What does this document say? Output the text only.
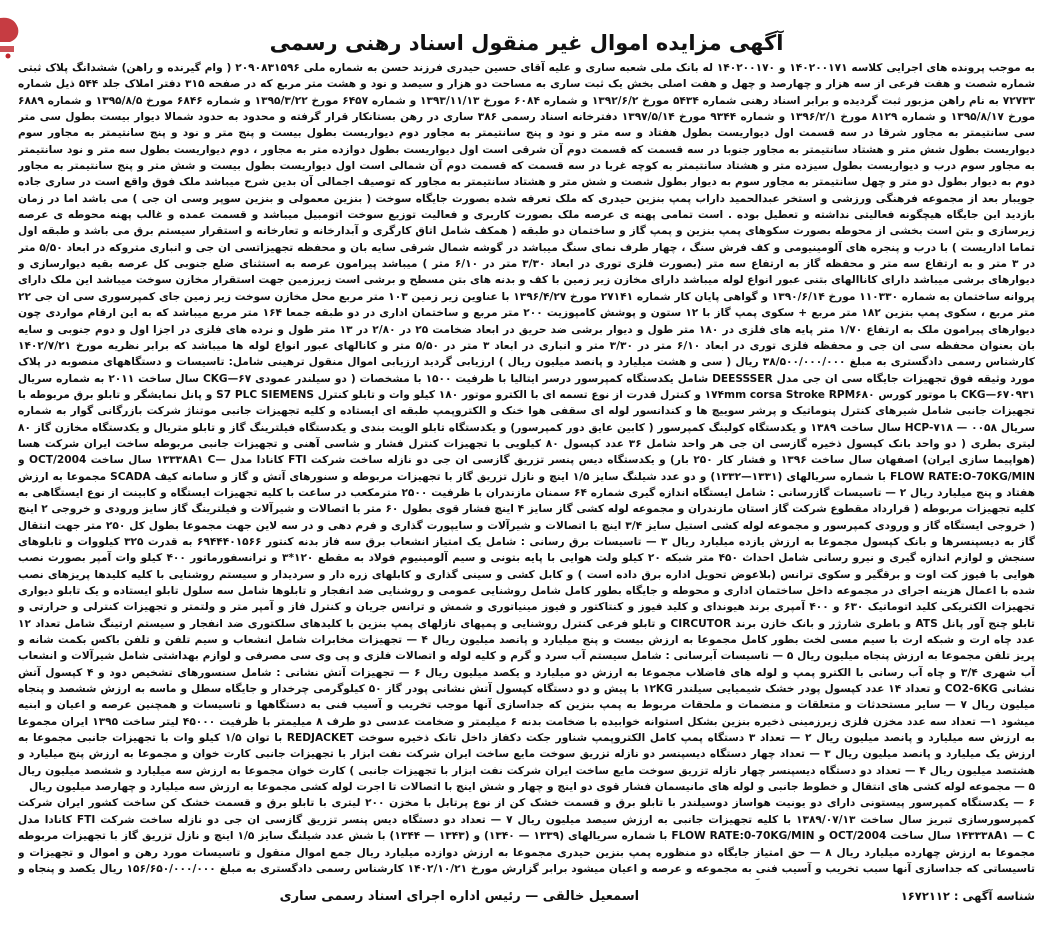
آگهی مزایده اموال غیر منقول اسناد رهنی رسمی

به موجب پرونده های اجرایی کلاسه ۱۴۰۲۰۰۱۷۱ و ۱۴۰۲۰۰۱۷۰ له بانک ملی شعبه ساری و علیه آقای حسین حیدری فرزند حسن به شماره ملی ۲۰۹۰۸۳۱۵۹۶ ( وام گیرنده و راهن) ششدانگ پلاک ثبتی شماره شصت و هفت فرعی از سه هزار و چهارصد و چهل و هفت اصلی بخش یک ثبت ساری به مساحت دو هزار و سیصد و نود و هشت متر مربع که در صفحه ۳۱۵ دفتر املاک جلد ۵۴۴ ذیل شماره ۷۲۷۳۳ به نام راهن مزبور ثبت گردیده و برابر اسناد رهنی شماره ۵۴۳۴ مورخ ۱۳۹۲/۶/۲ و شماره ۶۰۸۴ مورخ ۱۳۹۳/۱۱/۱۳ و شماره ۶۴۵۷ مورخ ۱۳۹۵/۳/۲۲ و شماره ۶۸۴۶ مورخ ۱۳۹۵/۸/۵ و شماره ۶۸۸۹ مورخ ۱۳۹۵/۸/۱۷ و شماره ۸۱۲۹ مورخ ۱۳۹۶/۲/۱ و شماره ۹۳۴۴ مورخ ۱۳۹۷/۵/۱۴ دفترخانه اسناد رسمی ۳۸۶ ساری در رهن بستانکار قرار گرفته و محدود به حدود شمالا دیوار بیست بطول سی متر سی سانتیمتر به مجاور شرقا در سه قسمت اول دیواریست بطول هفتاد و سه متر و نود و پنج سانتیمتر به مجاور دوم دیواریست بطول بیست و پنج متر و نود و پنج سانتیمتر به مجاور سوم دیواریست بطول شش متر و هشتاد سانتیمتر به مجاور جنوبا در سه قسمت که قسمت دوم آن شرقی است اول دیواریست بطول دوازده متر به مجاور ، دوم دیواریست بطول سه متر و نود سانتیمتر به مجاور سوم درب و دیواریست بطول سیزده متر و هشتاد سانتیمتر به کوچه غربا در سه قسمت که قسمت دوم آن شمالی است اول دیواریست بطول بیست و شش متر و پنج سانتیمتر به مجاور دوم به دیوار بطول دو متر و چهل سانتیمتر به مجاور سوم به دیوار بطول شصت و شش متر و هشتاد سانتیمتر به مجاور که توصیف اجمالی آن بدین شرح میباشد ملک فوق واقع است در ساری جاده جویبار بعد از مجموعه فرهنگی ورزشی و استخر عبدالحمید داراب پمپ بنزین حیدری که ملک تعرفه شده بصورت جایگاه سوخت ( بنزین معمولی و بنزین سوپر وسی ان جی ) می باشد اما در زمان بازدید این جایگاه هیچگونه فعالیتی نداشته و تعطیل بوده . است تمامی پهنه ی عرصه ملک بصورت کاربری و فعالیت توزیع سوخت اتومبیل میباشد و قسمت عمده و غالب پهنه محوطه ی عرصه زیرسازی و بتن است بخشی از محوطه بصورت سکوهای پمپ بنزین و پمپ گاز و ساختمان دو طبقه ( همکف شامل اتاق کارگری و آبدارخانه و تعارخانه و استقرار سیستم برق می باشد و طبقه اول تماما اداریست ) با درب و پنجره های آلومینیومی و کف فرش سنگ ، چهار طرف نمای سنگ میباشد در گوشه شمال شرقی سایه بان و محفظه تجهیزاتسی ان جی و انباری متروکه در ابعاد ۵/۵۰ متر در ۳ متر و به ارتفاع سه متر و محفظه گاز به ارتفاع سه متر (بصورت فلزی توری در ابعاد ۳/۳۰ متر در ۶/۱۰ متر ) میباشد پیرامون عرصه به استثنای ضلع جنوبی کل عرصه بقیه دیوارسازی و دیوارهای برشی میباشد دارای کاناالهای بتنی عبور انواع لوله میباشد دارای مخازن زیر زمین با کف و بدنه های بتن مسطح و برشی است زیرزمین جهت استقرار مخازن سوخت میباشد این ملک دارای پروانه ساختمان به شماره ۱۱۰۳۳۰ مورخ ۱۳۹۰/۶/۱۴ و گواهی پایان کار شماره ۲۷۱۴۱ مورخ ۱۳۹۶/۴/۲۷ با عناوین زیر زمین ۱۰۳ متر مربع محل مخازن سوخت زیر زمین جای کمپرسوری سی ان جی ۲۲ متر مربع ، سکوی پمپ بنزین ۱۸۲ متر مربع + سکوی پمپ گاز با ۱۲ ستون و پوشش کامپوزیت ۲۰۰ متر مربع و ساختمان اداری در دو طبقه جمعا ۱۶۴ متر مربع میباشد که به این ارقام مواردی چون دیوارهای پیرامون ملک به ارتفاع ۱/۷۰ متر پایه های فلزی در ۱۸۰ متر طول و دیوار برشی ضد حریق در ابعاد ضخامت ۲۵ در ۲/۸۰ در ۱۳ متر طول و نرده های فلزی در اجزا اول و دوم جنوبی و سایه بان بعنوان محفظه سی ان جی و محفظه فلزی توری در ابعاد ۶/۱۰ متر در ۳/۳۰ متر و انباری در ابعاد ۳ متر در ۵/۵۰ متر و کانالهای عبور انواع لوله ها میباشد که برابر نظریه مورخ ۱۴۰۲/۷/۲۱ کارشناس رسمی دادگستری به مبلغ ۳۸/۵۰۰/۰۰۰/۰۰۰ ریال ( سی و هشت میلیارد و پانصد میلیون ریال ) ارزیابی گردید ارزیابی اموال منقول ترهینی شامل: تاسیسات و دستگاههای منصوبه در پلاک مورد وثیقه فوق تجهیزات جایگاه سی ان جی مدل DEESSSER شامل یکدستگاه کمپرسور درسر ایتالیا با ظرفیت ۱۵۰۰ با مشخصات ( دو سیلندر عمودی CKG—۶۷ سال ساخت ۲۰۱۱ به شماره سریال ۶۷۰۹۳۱—CKG با موتور کورس ۱۷۴mm corsa Stroke RPM۶۸۰ و کنترل قدرت از نوع تسمه ای با الکترو موتور ۱۸۰ کیلو وات و تابلو کنترل S7 PLC SIEMENS و پانل نمایشگر و تابلو برق مربوطه با تجهیزات جانبی شامل شیرهای کنترل پنوماتیک و پرشر سوییچ ها و کندانسور لوله ای سقفی هوا خنک و الکتروپمپ طبقه ای ایستاده و کلیه تجهیزات جانبی موتناژ شرکت بازرگانی گوار به شماره سریال ۰۰۵۸ — HCP-۷۱۸ سال ساخت ۱۳۸۹ و یکدستگاه کولینگ کمپرسور ( کابین عایق دور کمپرسور) و یکدستگاه تابلو الویت بندی و یکدستگاه فیلترینگ گاز و تابلو متریال و یکدستگاه مخازن گاز ۸۰ لیتری بطری ( دو واحد بانک کپسول ذخیره گازسی ان جی هر واحد شامل ۳۶ عدد کپسول ۸۰ کیلویی با تجهیزات کنترل فشار و شاسی آهنی و تجهیزات جانبی مربوطه ساخت ایران شرکت هسا (هواپیما سازی ایران) اصفهان سال ساخت ۱۳۹۶ و فشار کار ۲۵۰ بار) و یکدستگاه دیس پنسر تزریق گازسی ان جی دو نازله ساخت شرکت FTI کانادا مدل —۱۳۳۳۸A۱ C سال ساخت OCT/2004 و FLOW RATE:O-70KG/MIN با شماره سریالهای (۱۳۳۱—۱۳۳۲) و دو عدد شیلنگ سایز ۱/۵ اینچ و نازل تزریق گاز با تجهیزات مربوطه و سنورهای آتش و گاز و سامانه کیف SCADA مجموعا به ارزش هفتاد و پنج میلیارد ریال ۲ — تاسیسات گازرسانی : شامل ایستگاه اندازه گیری شماره ۶۴ سمنان مازندران با ظرفیت ۲۵۰۰ مترمکعب در ساعت با کلیه تجهیزات ایستگاه و کابینت از نوع ایستگاهی به کلیه تجهیزات مربوطه ( قرارداد مقطوع شرکت گاز استان مازندران و مجموعه لوله کشی گاز سایز ۴ اینچ فشار قوی بطول ۶۰ متر با اتصالات و شیرآلات و فیلترینگ گاز سایز ورودی و خروجی ۲ اینچ ( خروجی ایستگاه گاز و ورودی کمپرسور و مجموعه لوله کشی استیل سایز ۳/۴ اینچ با اتصالات و شیرآلات و سایپورت گذاری و فرم دهی و در سه لاین جهت مجموعا بطول کل ۲۵۰ متر جهت انتقال گاز به دیسپنسرها و بانک کپسول مجموعا به ارزش یازده میلیارد ریال ۳ — تاسیسات برق رسانی : شامل یک امتیاز انشعاب برق سه فاز بدنه کنتور ۶۹۴۴۴۰۱۵۶۶ به قدرت ۳۲۵ کیلووات و تابلوهای سنجش و لوازم اندازه گیری و نیرو رسانی شامل احداث ۴۵۰ متر شبکه ۲۰ کیلو ولت هوایی با پایه بتونی و سیم آلومینیوم فولاد به مقطع ۱۲۰*۳ و ترانسفورماتور ۴۰۰ کیلو وات آمپر بصورت نصب هوایی با فیوز کت اوت و برقگیر و سکوی ترانس (بلاعوض تحویل اداره برق داده است ) و کابل کشی و سینی گذاری و کابلهای زره دار و سردیدار و سیستم روشنایی با کلیه کلیدها پریزهای نصب شده با اعمال هزینه اجرای در مجموعه داخل ساختمان اداری و محوطه و جایگاه بطور کامل شامل روشنایی عمومی و روشنایی ضد انفجار و تابلوها شامل سه سلول تابلو ایستاده و یک تابلو دیواری تجهیزات الکتریکی کلید اتوماتیک ۶۳۰ و ۴۰۰ آمپری برند هیوندای و کلید فیوز و کنتاکتور و فیوز مینیاتوری و شمش و ترانس جریان و کنترل فاز و آمپر متر و ولتمتر و تجهیزات کنترلی و حرارتی و تابلو چنج آور پانل ATS و باطری شارژر و بانک خازن برند CIRCUTOR و تابلو فرعی کنترل روشنایی و پمپهای نازلهای پمپ بنزین با کلیدهای سلکتوری ضد انفجار و سیستم ارتینگ شامل تعداد ۱۲ عدد چاه ارت و شبکه ارت با سیم مسی لخت بطور کامل مجموعا به ارزش بیست و پنج میلیارد و پانصد میلیون ریال ۴ — تجهیزات مخابرات شامل انشعاب و سیم تلفن و تلفن باکس بکمت شانه و پریز تلفن مجموعا به ارزش پنجاه میلیون ریال ۵ — تاسیسات آبرسانی : شامل سیستم آب سرد و گرم و کلیه لوله و اتصالات فلزی و پی وی سی مصرفی و لوازم بهداشتی شامل شیرآلات و انشعاب آب شهری ۳/۴ و چاه آب رسانی با الکترو پمپ و لوله های فاضلاب مجموعا به ارزش دو میلیارد و یکصد میلیون ریال ۶ — تجهیزات آتش نشانی : شامل سنسورهای تشخیص دود و ۴ کپسول آتش نشانی CO2-6KG و تعداد ۱۴ عدد کپسول پودر خشک شیمیایی سیلندر ۱۲KG با پیش و دو دستگاه کپسول آتش نشانی پودر گاز ۵۰ کیلوگرمی چرخدار و جایگاه سطل و ماسه به ارزش ششصد و پنجاه میلیون ریال ۷ — سایر مستحدثات و متعلقات و منضمات و ملحقات مربوط به پمپ بنزین که جداسازی آنها موجب تخریب و آسیب فنی به دستگاهها و تاسیسات و همچنین عرصه و اعیان و ابنیه میشود ۱— تعداد سه عدد مخزن فلزی زیرزمینی ذخیره بنزین بشکل استوانه خوابیده با ضخامت بدنه ۶ میلیمتر و ضخامت عدسی دو طرف ۸ میلیمتر با ظرفیت ۴۵۰۰۰ لیتر ساخت ۱۳۹۵ ایران مجموعا به ارزش سه میلیارد و پانصد میلیون ریال ۲ — تعداد ۳ دستگاه پمپ کامل الکتروپمپ شناور جکت دکفاز داخل تانک ذخیره سوخت REDJACKET با توان ۱/۵ کیلو وات با تجهیزات جانبی مجموعا به ارزش یک میلیارد و پانصد میلیون ریال ۳ — تعداد چهار دستگاه دیسپنسر دو نازله تزریق سوخت مایع ساخت ایران شرکت نفت ابزار با تجهیزات جانبی کارت خوان و مجموعا به ارزش پنج میلیارد و هشتصد میلیون ریال ۴ — تعداد دو دستگاه دیسپنسر چهار نازله تزریق سوخت مایع ساخت ایران شرکت نفت ابزار با تجهیزات جانبی ) کارت خوان مجموعا به ارزش سه میلیارد و ششصد میلیون ریال ۵ — مجموعه لوله کشی های انتقال و خطوط جانبی و لوله های مانیسمان فشار قوی دو اینچ و چهار و شش اینچ با اتصالات تا اجرت لوله کشی مجموعا به ارزش سه میلیارد و چهارصد میلیون ریال

۶ — یکدستگاه کمپرسور پیستونی دارای دو یونیت هواساز دوسیلندر با تابلو برق و قسمت خشک کن از نوع پرتابل با مخزن ۲۰۰ لیتری با تابلو برق و قسمت خشک کن ساخت کشور ایران شرکت کمپرسورسازی تبریز سال ساخت ۱۳۸۹/۰۷/۱۳ با کلیه تجهیزات جانبی به ارزش سیصد میلیون ریال ۷ — تعداد دو دستگاه دیس پنسر تزریق گازسی ان جی دو نازله ساخت شرکت FTI کانادا مدل ۱۴۳۳۳۸A۱ — C سال ساخت OCT/2004 و FLOW RATE:0-70KG/MIN با شماره سریالهای (۱۳۳۹ — ۱۳۴۰) و (۱۳۴۳ — ۱۳۴۴) با شش عدد شیلنگ سایز ۱/۵ اینچ و نازل تزریق گاز با تجهیزات مربوطه مجموعا به ارزش چهارده میلیارد ریال ۸ — حق امتیاز جایگاه دو منظوره پمپ بنزین حیدری مجموعا به ارزش دوازده میلیارد ریال جمع اموال منقول و تاسیسات مورد رهن و اموال و تجهیزات و تاسیساتی که جداسازی آنها سبب تخریب و آسیب فنی به مجموعه و عرصه و اعیان میشود برابر گزارش مورخ ۱۴۰۲/۱۰/۲۱ کارشناس رسمی دادگستری به مبلغ ۱۵۶/۶۵۰/۰۰۰/۰۰۰ ریال یکصد و پنجاه و

شناسه آگهی : ۱۶۷۲۱۱۲
اسمعیل خالقی — رئیس اداره اجرای اسناد رسمی ساری
